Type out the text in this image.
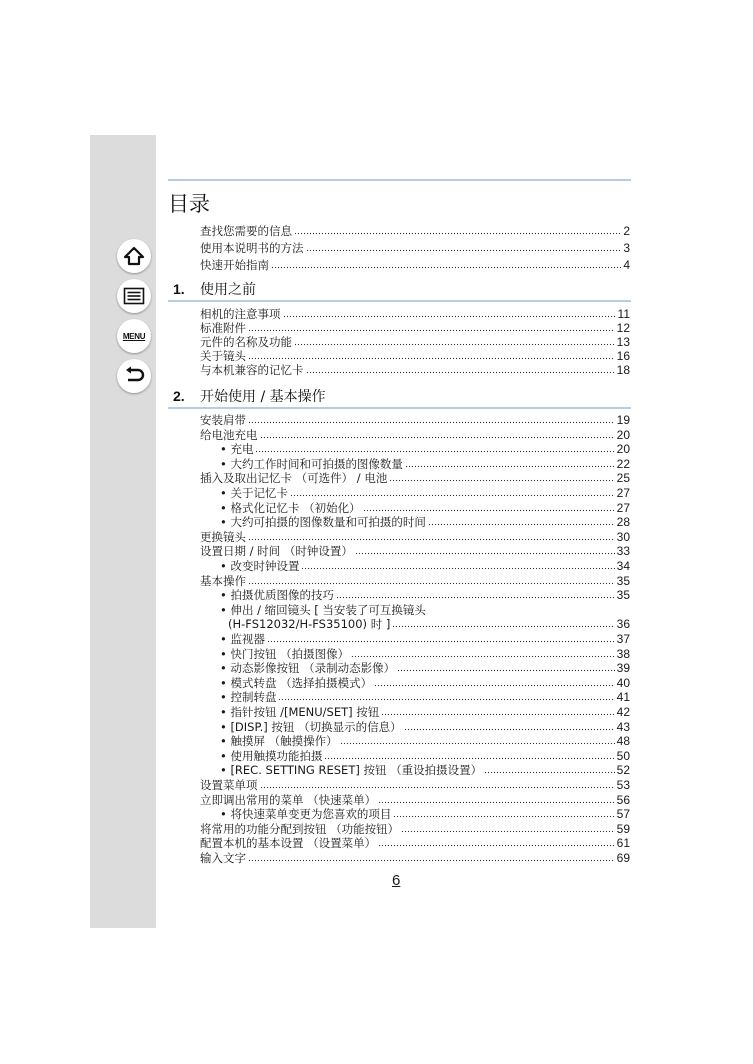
MENU
目录
查找您需要的信息	2
使用本说明书的方法	3
快速开始指南	4
1. 使用之前
相机的注意事项	11
标准附件	12
元件的名称及功能	13
关于镜头	16
与本机兼容的记忆卡	18
2. 开始使用 / 基本操作
安装肩带	19
给电池充电	20
• 充电	20
• 大约工作时间和可拍摄的图像数量	22
插入及取出记忆卡 （可选件） / 电池	25
• 关于记忆卡	27
• 格式化记忆卡 （初始化）	27
• 大约可拍摄的图像数量和可拍摄的时间	28
更换镜头	30
设置日期 / 时间 （时钟设置）	33
• 改变时钟设置	34
基本操作	35
• 拍摄优质图像的技巧	35
• 伸出 / 缩回镜头 [ 当安装了可互换镜头
(H-FS12032/H-FS35100) 时 ]	36
• 监视器	37
• 快门按钮 （拍摄图像）	38
• 动态影像按钮 （录制动态影像）	39
• 模式转盘 （选择拍摄模式）	40
• 控制转盘	41
• 指针按钮 /[MENU/SET] 按钮	42
• [DISP.] 按钮 （切换显示的信息）	43
• 触摸屏 （触摸操作）	48
• 使用触摸功能拍摄	50
• [REC. SETTING RESET] 按钮 （重设拍摄设置）	52
设置菜单项	53
立即调出常用的菜单 （快速菜单）	56
• 将快速菜单变更为您喜欢的项目	57
将常用的功能分配到按钮 （功能按钮）	59
配置本机的基本设置 （设置菜单）	61
输入文字	69
6
